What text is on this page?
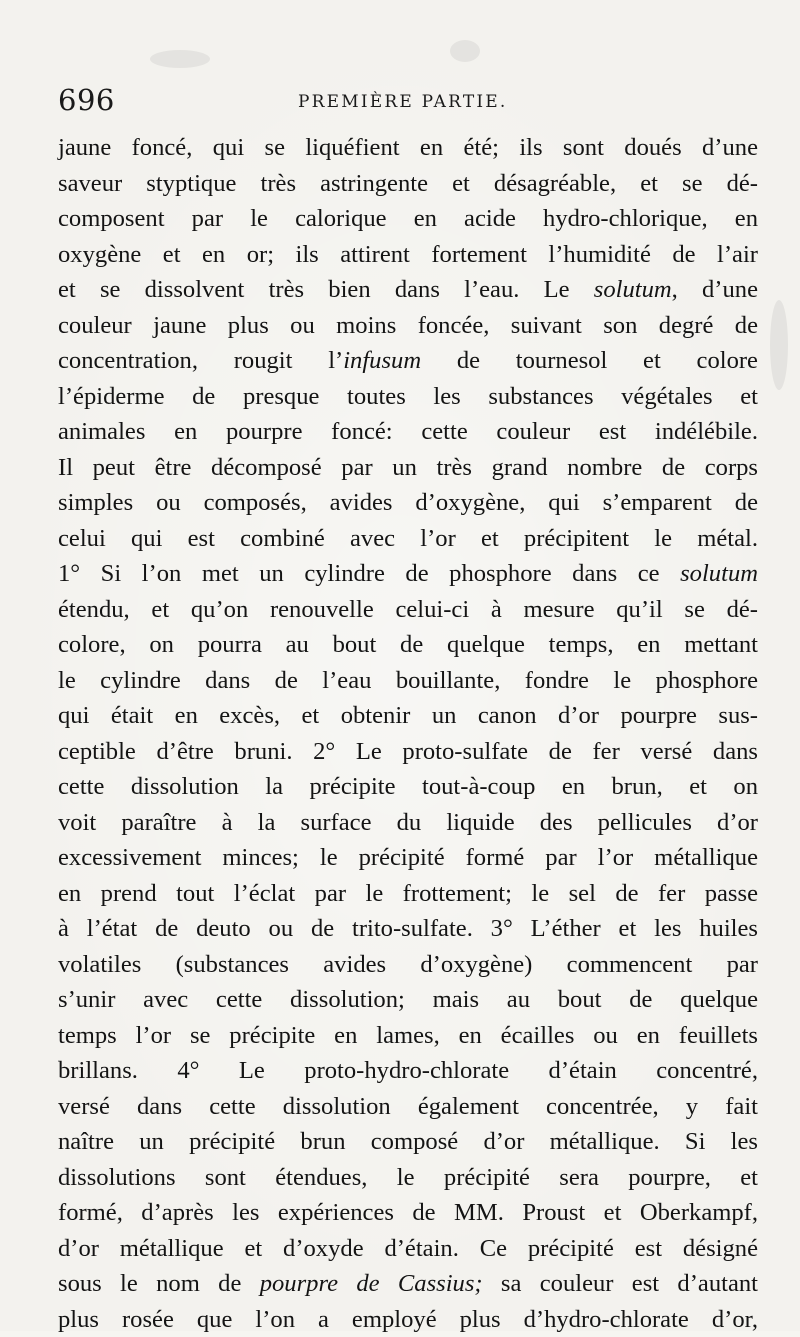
696	PREMIÈRE PARTIE.
jaune foncé, qui se liquéfient en été; ils sont doués d’une
saveur styptique très astringente et désagréable, et se dé-
composent par le calorique en acide hydro-chlorique, en
oxygène et en or; ils attirent fortement l’humidité de l’air
et se dissolvent très bien dans l’eau. Le solutum, d’une
couleur jaune plus ou moins foncée, suivant son degré de
concentration, rougit l’infusum de tournesol et colore
l’épiderme de presque toutes les substances végétales et
animales en pourpre foncé: cette couleur est indélébile.
Il peut être décomposé par un très grand nombre de corps
simples ou composés, avides d’oxygène, qui s’emparent de
celui qui est combiné avec l’or et précipitent le métal.
1° Si l’on met un cylindre de phosphore dans ce solutum
étendu, et qu’on renouvelle celui-ci à mesure qu’il se dé-
colore, on pourra au bout de quelque temps, en mettant
le cylindre dans de l’eau bouillante, fondre le phosphore
qui était en excès, et obtenir un canon d’or pourpre sus-
ceptible d’être bruni. 2° Le proto-sulfate de fer versé dans
cette dissolution la précipite tout-à-coup en brun, et on
voit paraître à la surface du liquide des pellicules d’or
excessivement minces; le précipité formé par l’or métallique
en prend tout l’éclat par le frottement; le sel de fer passe
à l’état de deuto ou de trito-sulfate. 3° L’éther et les huiles
volatiles (substances avides d’oxygène) commencent par
s’unir avec cette dissolution; mais au bout de quelque
temps l’or se précipite en lames, en écailles ou en feuillets
brillans. 4° Le proto-hydro-chlorate d’étain concentré,
versé dans cette dissolution également concentrée, y fait
naître un précipité brun composé d’or métallique. Si les
dissolutions sont étendues, le précipité sera pourpre, et
formé, d’après les expériences de MM. Proust et Oberkampf,
d’or métallique et d’oxyde d’étain. Ce précipité est désigné
sous le nom de pourpre de Cassius; sa couleur est d’autant
plus rosée que l’on a employé plus d’hydro-chlorate d’or,
